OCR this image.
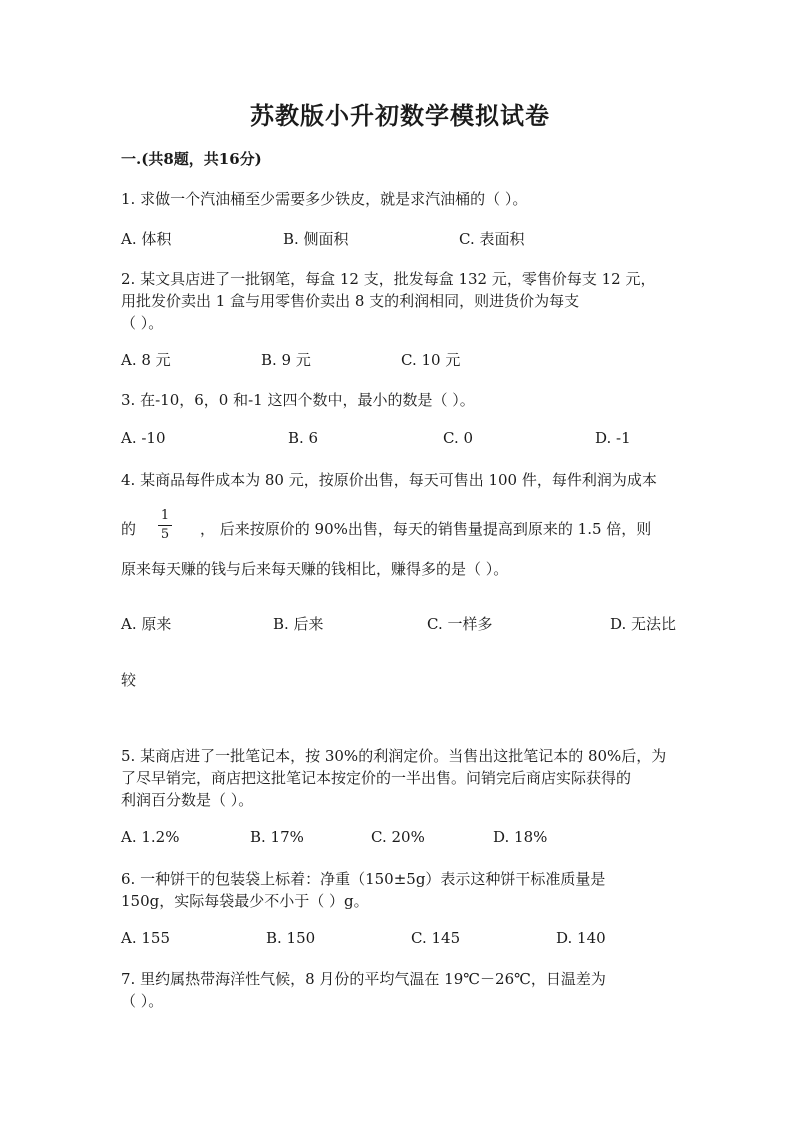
苏教版小升初数学模拟试卷
一.(共8题，共16分)
1. 求做一个汽油桶至少需要多少铁皮，就是求汽油桶的（ ）。
A. 体积	B. 侧面积	C. 表面积
2. 某文具店进了一批钢笔，每盒 12 支，批发每盒 132 元，零售价每支 12 元，
用批发价卖出 1 盒与用零售价卖出 8 支的利润相同，则进货价为每支
（ ）。
A. 8 元	B. 9 元	C. 10 元
3. 在-10，6，0 和-1 这四个数中，最小的数是（ ）。
A. -10	B. 6	C. 0	D. -1
4. 某商品每件成本为 80 元，按原价出售，每天可售出 100 件，每件利润为成本
的 $\frac{1}{5}$ ， 后来按原价的 90%出售，每天的销售量提高到原来的 1.5 倍，则
原来每天赚的钱与后来每天赚的钱相比，赚得多的是（ ）。
A. 原来	B. 后来	C. 一样多	D. 无法比
较
5. 某商店进了一批笔记本，按 30%的利润定价。当售出这批笔记本的 80%后，为
了尽早销完，商店把这批笔记本按定价的一半出售。问销完后商店实际获得的
利润百分数是（ ）。
A. 1.2%	B. 17%	C. 20%	D. 18%
6. 一种饼干的包装袋上标着：净重（150±5g）表示这种饼干标准质量是
150g，实际每袋最少不小于（ ）g。
A. 155	B. 150	C. 145	D. 140
7. 里约属热带海洋性气候，8 月份的平均气温在 19℃－26℃，日温差为
（ ）。
